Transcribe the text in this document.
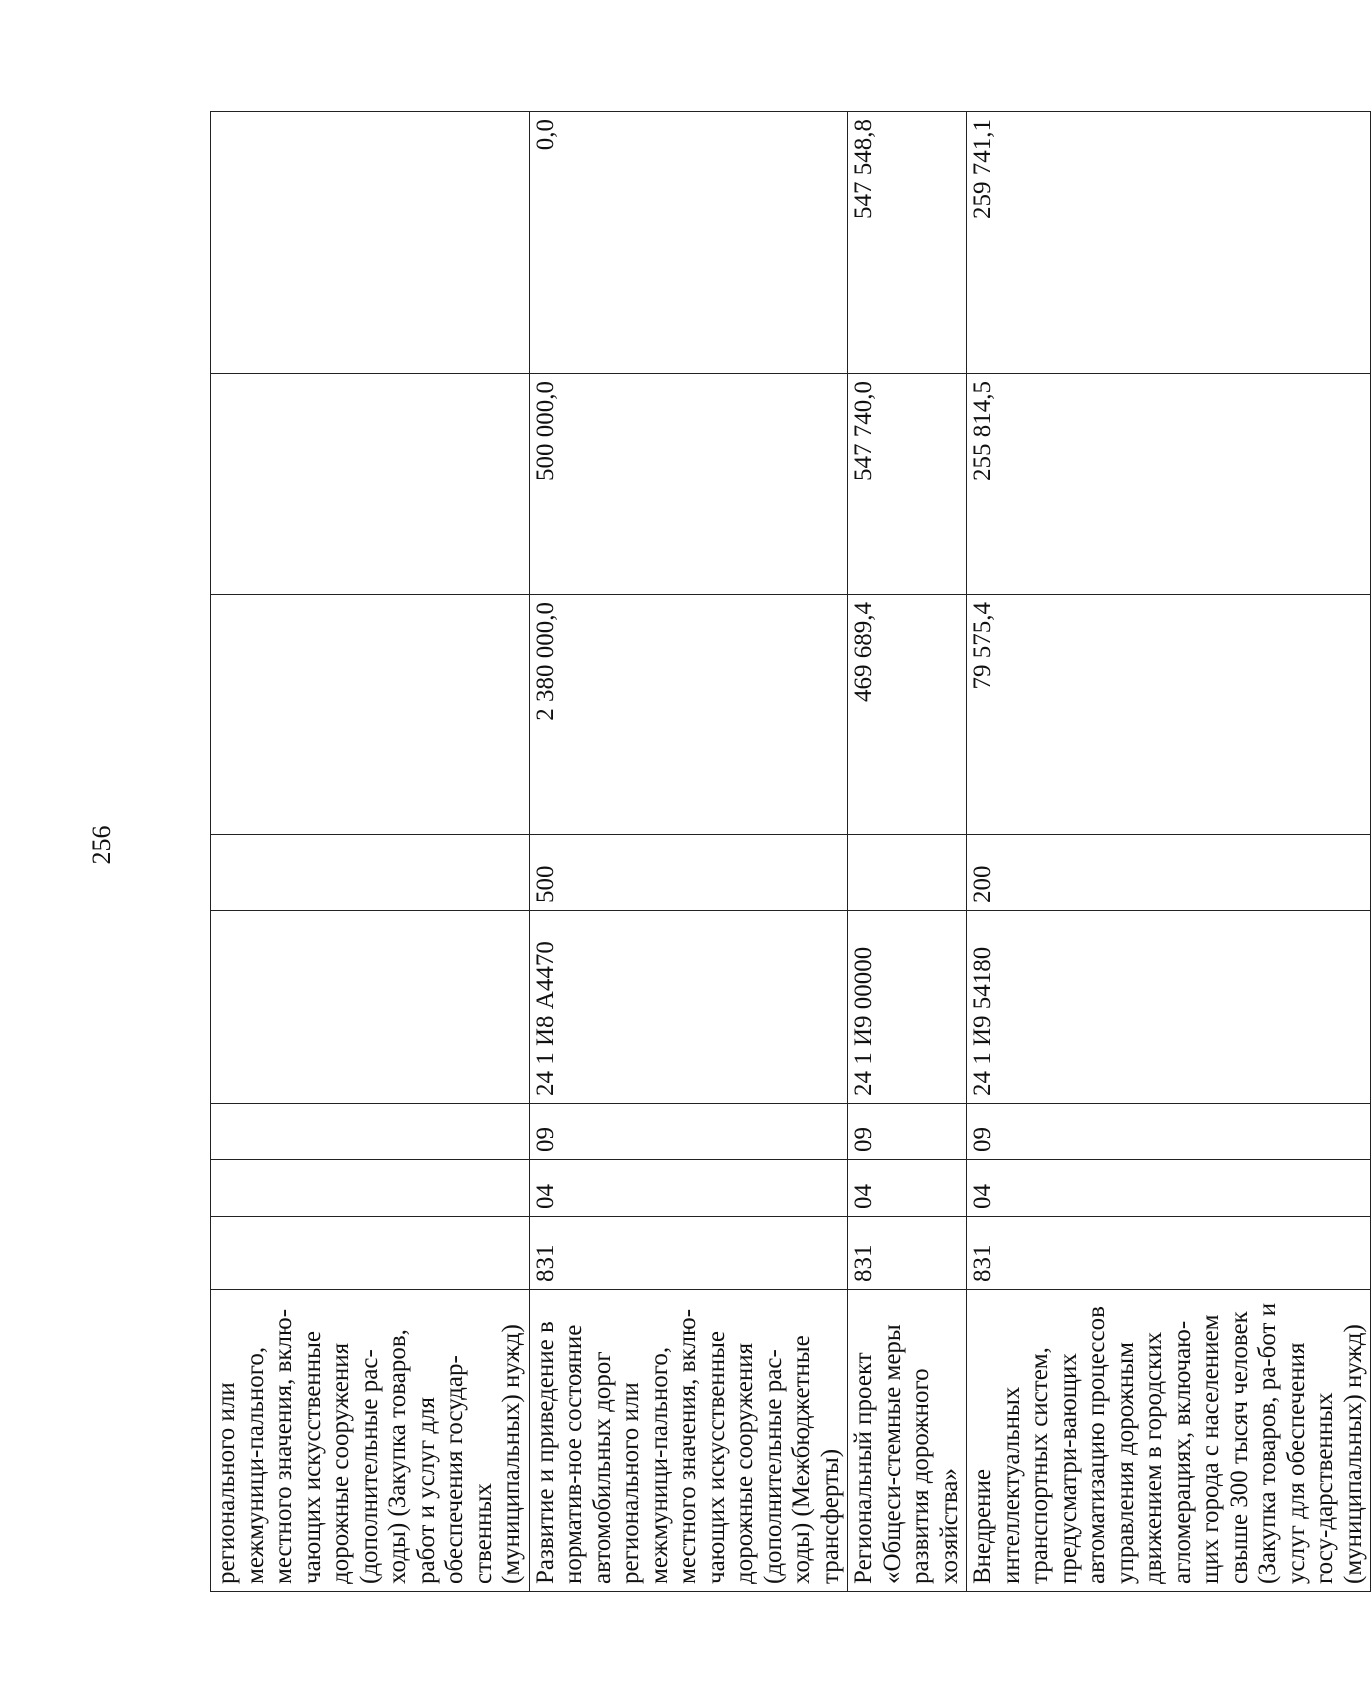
256
регионального или межмуници-пального, местного значения, вклю-чающих искусственные дорожные сооружения (дополнительные рас-ходы) (Закупка товаров, работ и услуг для обеспечения государ-ственных (муниципальных) нужд)								
Развитие и приведение в норматив-ное состояние автомобильных дорог регионального или межмуници-пального, местного значения, вклю-чающих искусственные дорожные сооружения (дополнительные рас-ходы) (Межбюджетные трансферты)	831	04	09	24 1 И8 А4470	500	2 380 000,0	500 000,0	0,0
Региональный проект «Общеси-стемные меры развития дорожного хозяйства»	831	04	09	24 1 И9 00000		469 689,4	547 740,0	547 548,8
Внедрение интеллектуальных транспортных систем, предусматри-вающих автоматизацию процессов управления дорожным движением в городских агломерациях, включаю-щих города с населением свыше 300 тысяч человек (Закупка товаров, ра-бот и услуг для обеспечения госу-дарственных (муниципальных) нужд)	831	04	09	24 1 И9 54180	200	79 575,4	255 814,5	259 741,1
